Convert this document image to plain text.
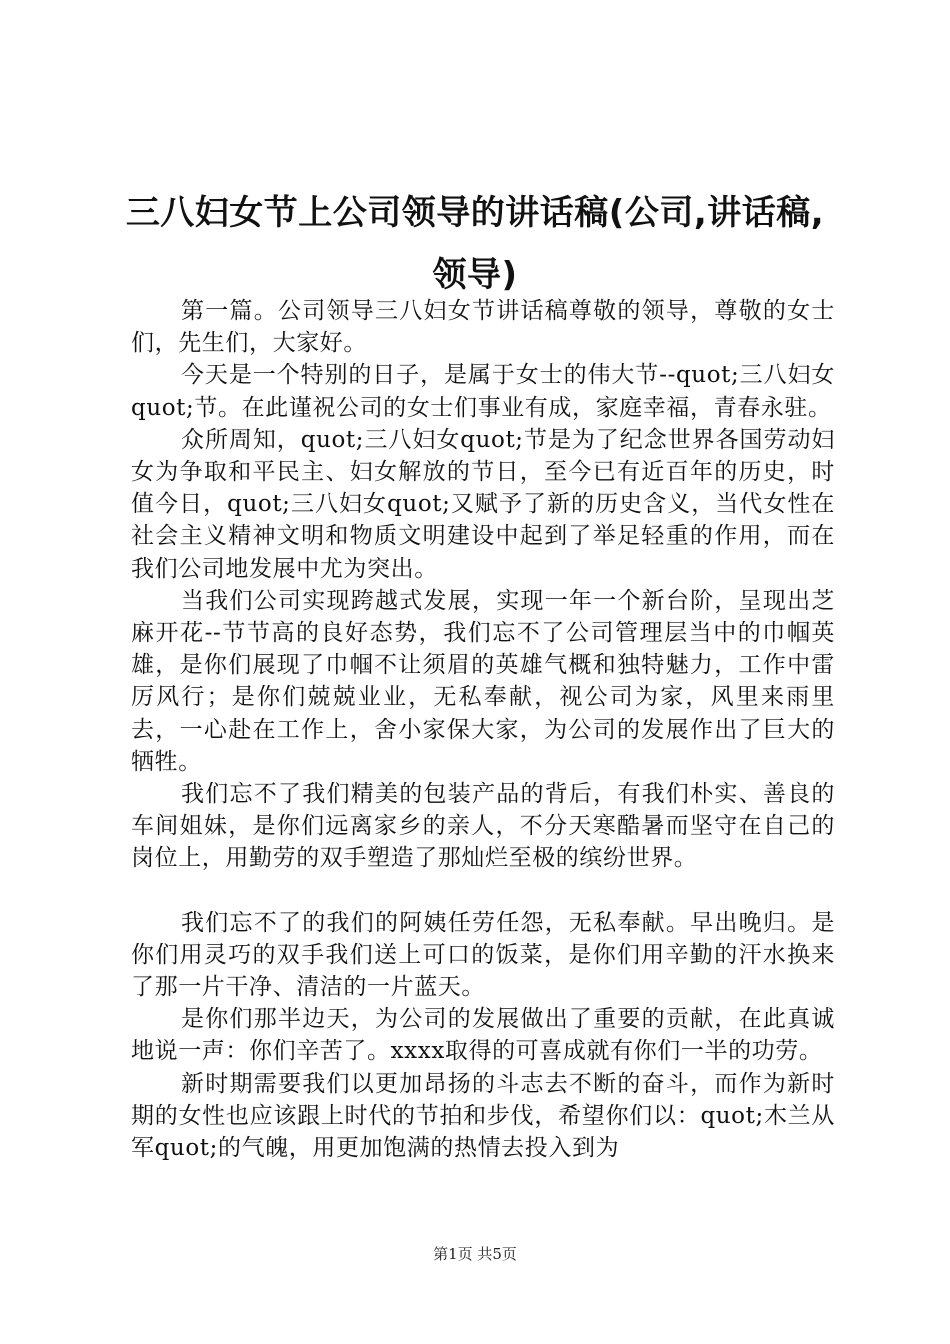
三八妇女节上公司领导的讲话稿(公司,讲话稿,领导)

第一篇。公司领导三八妇女节讲话稿尊敬的领导，尊敬的女士们，先生们，大家好。

今天是一个特别的日子，是属于女士的伟大节--quot;三八妇女quot;节。在此谨祝公司的女士们事业有成，家庭幸福，青春永驻。

众所周知，quot;三八妇女quot;节是为了纪念世界各国劳动妇女为争取和平民主、妇女解放的节日，至今已有近百年的历史，时值今日，quot;三八妇女quot;又赋予了新的历史含义，当代女性在社会主义精神文明和物质文明建设中起到了举足轻重的作用，而在我们公司地发展中尤为突出。

当我们公司实现跨越式发展，实现一年一个新台阶，呈现出芝麻开花--节节高的良好态势，我们忘不了公司管理层当中的巾帼英雄，是你们展现了巾帼不让须眉的英雄气概和独特魅力，工作中雷厉风行；是你们兢兢业业，无私奉献，视公司为家，风里来雨里去，一心赴在工作上，舍小家保大家，为公司的发展作出了巨大的牺牲。

我们忘不了我们精美的包装产品的背后，有我们朴实、善良的车间姐妹，是你们远离家乡的亲人，不分天寒酷暑而坚守在自己的岗位上，用勤劳的双手塑造了那灿烂至极的缤纷世界。

我们忘不了的我们的阿姨任劳任怨，无私奉献。早出晚归。是你们用灵巧的双手我们送上可口的饭菜，是你们用辛勤的汗水换来了那一片干净、清洁的一片蓝天。

是你们那半边天，为公司的发展做出了重要的贡献，在此真诚地说一声：你们辛苦了。xxxx取得的可喜成就有你们一半的功劳。

新时期需要我们以更加昂扬的斗志去不断的奋斗，而作为新时期的女性也应该跟上时代的节拍和步伐，希望你们以：quot;木兰从军quot;的气魄，用更加饱满的热情去投入到为

第1页 共5页
